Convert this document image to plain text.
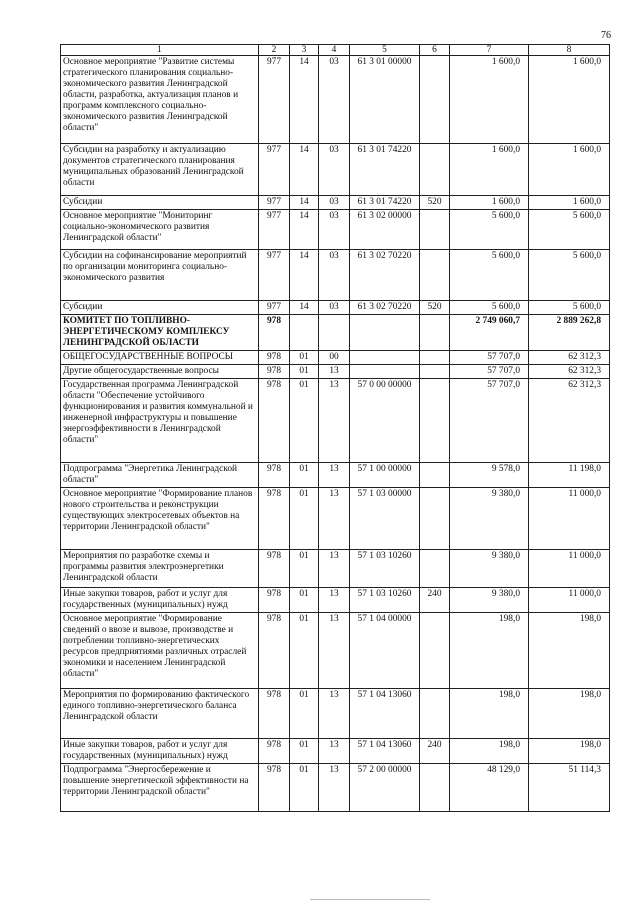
76
1	2	3	4	5	6	7	8
Основное мероприятие "Развитие системы стратегического планирования социально-экономического развития Ленинградской области, разработка, актуализация планов и программ комплексного социально-экономического развития Ленинградской области"	977	14	03	61 3 01 00000		1 600,0	1 600,0
Субсидии на разработку и актуализацию документов стратегического планирования муниципальных образований Ленинградской области	977	14	03	61 3 01 74220		1 600,0	1 600,0
Субсидии	977	14	03	61 3 01 74220	520	1 600,0	1 600,0
Основное мероприятие "Мониторинг социально-экономического развития Ленинградской области"	977	14	03	61 3 02 00000		5 600,0	5 600,0
Субсидии на софинансирование мероприятий по организации мониторинга социально-экономического развития	977	14	03	61 3 02 70220		5 600,0	5 600,0
Субсидии	977	14	03	61 3 02 70220	520	5 600,0	5 600,0
КОМИТЕТ ПО ТОПЛИВНО-ЭНЕРГЕТИЧЕСКОМУ КОМПЛЕКСУ ЛЕНИНГРАДСКОЙ ОБЛАСТИ	978					2 749 060,7	2 889 262,8
ОБЩЕГОСУДАРСТВЕННЫЕ ВОПРОСЫ	978	01	00			57 707,0	62 312,3
Другие общегосударственные вопросы	978	01	13			57 707,0	62 312,3
Государственная программа Ленинградской области "Обеспечение устойчивого функционирования и развития коммунальной и инженерной инфраструктуры и повышение энергоэффективности в Ленинградской области"	978	01	13	57 0 00 00000		57 707,0	62 312,3
Подпрограмма "Энергетика Ленинградской области"	978	01	13	57 1 00 00000		9 578,0	11 198,0
Основное мероприятие "Формирование планов нового строительства и реконструкции существующих электросетевых объектов на территории Ленинградской области"	978	01	13	57 1 03 00000		9 380,0	11 000,0
Мероприятия по разработке схемы и программы развития электроэнергетики Ленинградской области	978	01	13	57 1 03 10260		9 380,0	11 000,0
Иные закупки товаров, работ и услуг для государственных (муниципальных) нужд	978	01	13	57 1 03 10260	240	9 380,0	11 000,0
Основное мероприятие "Формирование сведений о ввозе и вывозе, производстве и потреблении топливно-энергетических ресурсов предприятиями различных отраслей экономики и населением Ленинградской области"	978	01	13	57 1 04 00000		198,0	198,0
Мероприятия по формированию фактического единого топливно-энергетического баланса Ленинградской области	978	01	13	57 1 04 13060		198,0	198,0
Иные закупки товаров, работ и услуг для государственных (муниципальных) нужд	978	01	13	57 1 04 13060	240	198,0	198,0
Подпрограмма "Энергосбережение и повышение энергетической эффективности на территории Ленинградской области"	978	01	13	57 2 00 00000		48 129,0	51 114,3
